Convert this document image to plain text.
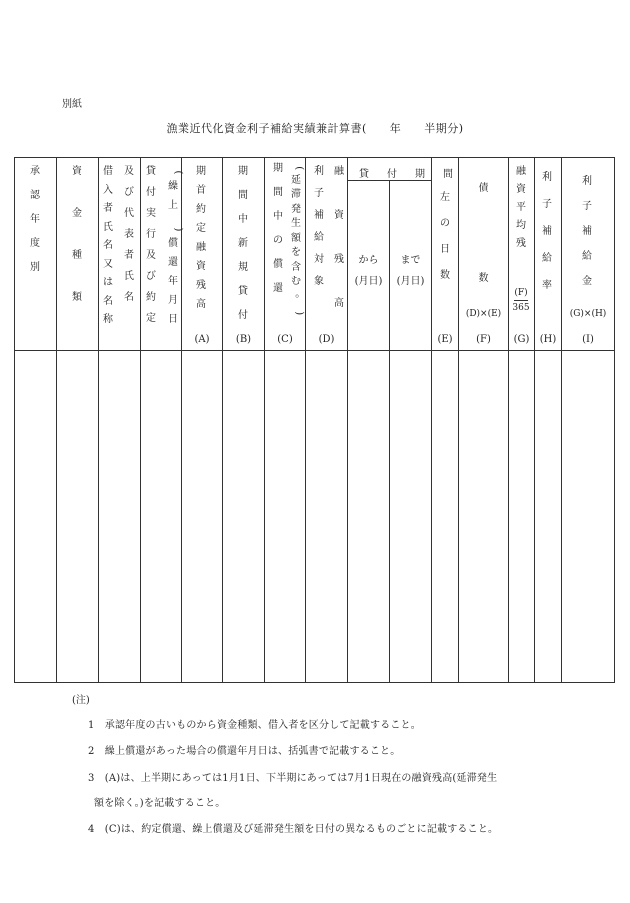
別紙
漁業近代化資金利子補給実績兼計算書(　　年　　半期分)
承
認
年
度
別
資
金
種
類
借
入
者
氏
名
又
は
名
称
及
び
代
表
者
氏
名
貸
付
実
行
及
び
約
定
(
繰
上
)
償
還
年
月
日
期
首
約
定
融
資
残
高
(A)
期
間
中
新
規
貸
付
(B)
期
間
中
の
償
還
(
延
滞
発
生
額
を
含
む
。
)
(C)
利
子
補
給
対
象
融
資
残
高
(D)
貸付期間
から
(月日)
まで
(月日)
左
の
日
数
(E)
債
数
(D)×(E)
(F)
融
資
平
均
残
(F)
365
(G)
利
子
補
給
率
(H)
利
子
補
給
金
(G)×(H)
(I)
(注)
1　承認年度の古いものから資金種類、借入者を区分して記載すること。
2　繰上償還があった場合の償還年月日は、括弧書で記載すること。
3　(A)は、上半期にあっては1月1日、下半期にあっては7月1日現在の融資残高(延滞発生
額を除く。)を記載すること。
4　(C)は、約定償還、繰上償還及び延滞発生額を日付の異なるものごとに記載すること。
